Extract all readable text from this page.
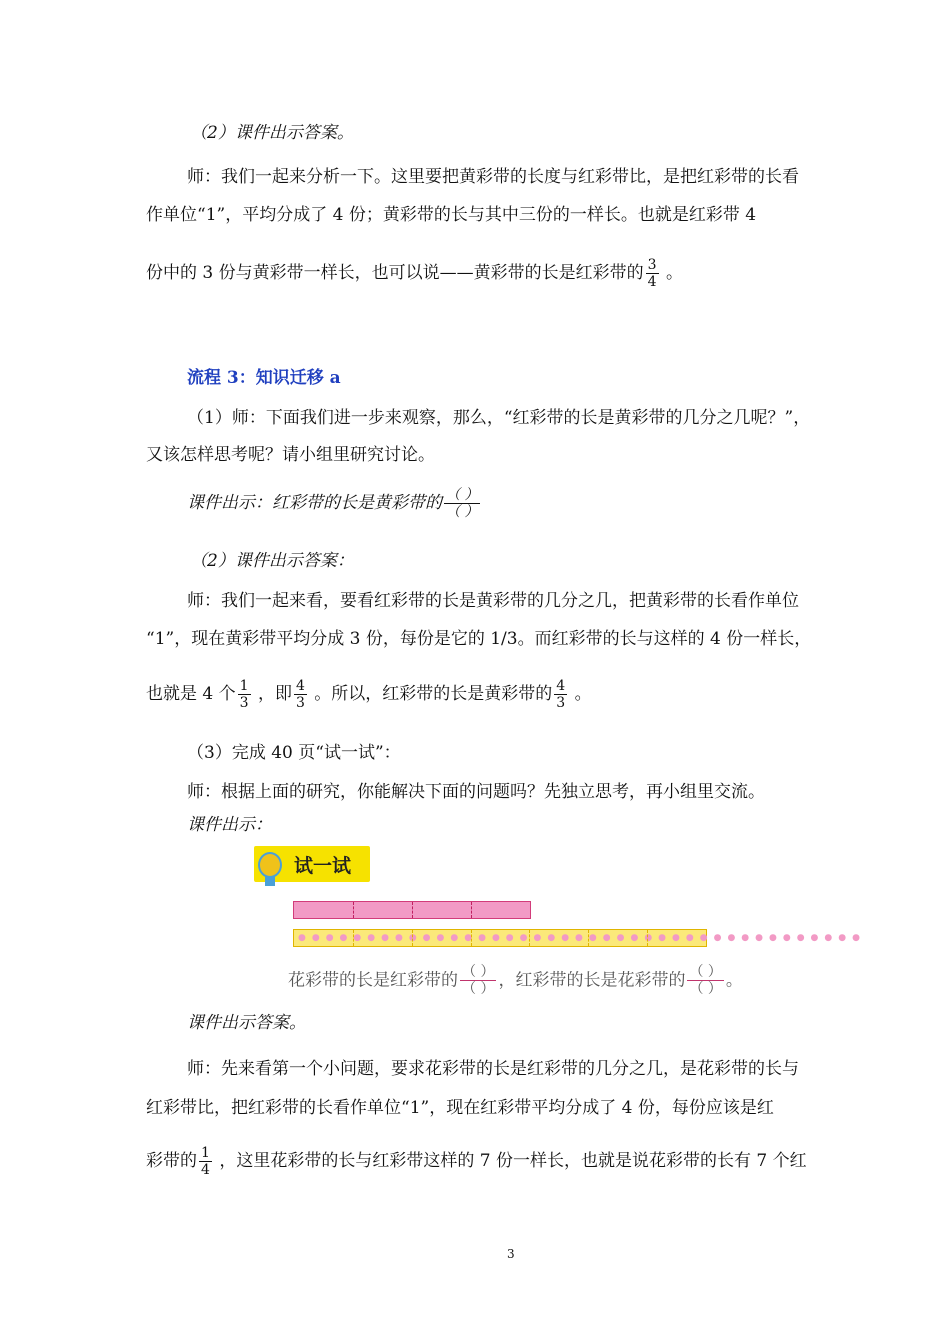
（2）课件出示答案。
师：我们一起来分析一下。这里要把黄彩带的长度与红彩带比，是把红彩带的长看
作单位“1”，平均分成了 4 份；黄彩带的长与其中三份的一样长。也就是红彩带 4
份中的 3 份与黄彩带一样长，也可以说——黄彩带的长是红彩带的 $\frac{3}{4}$ 。
流程 3：知识迁移 a
（1）师：下面我们进一步来观察，那么，“红彩带的长是黄彩带的几分之几呢？”，
又该怎样思考呢？请小组里研究讨论。
课件出示：红彩带的长是黄彩带的 $\frac{( )}{( )}$
（2）课件出示答案：
师：我们一起来看，要看红彩带的长是黄彩带的几分之几，把黄彩带的长看作单位
“1”，现在黄彩带平均分成 3 份，每份是它的 1/3。而红彩带的长与这样的 4 份一样长，
也就是 4 个 $\frac{1}{3}$ ，即 $\frac{4}{3}$ 。所以，红彩带的长是黄彩带的 $\frac{4}{3}$ 。
（3）完成 40 页“试一试”：
师：根据上面的研究，你能解决下面的问题吗？先独立思考，再小组里交流。
课件出示：
试一试
●●●●●●●●●●●●●●●●●●●●●●●●●●●●●●●●●●●●●●●●●
花彩带的长是红彩带的 $\frac{( )}{( )}$ ，红彩带的长是花彩带的 $\frac{( )}{( )}$ 。
课件出示答案。
师：先来看第一个小问题，要求花彩带的长是红彩带的几分之几，是花彩带的长与
红彩带比，把红彩带的长看作单位“1”，现在红彩带平均分成了 4 份，每份应该是红
彩带的 $\frac{1}{4}$ ，这里花彩带的长与红彩带这样的 7 份一样长，也就是说花彩带的长有 7 个红
3
